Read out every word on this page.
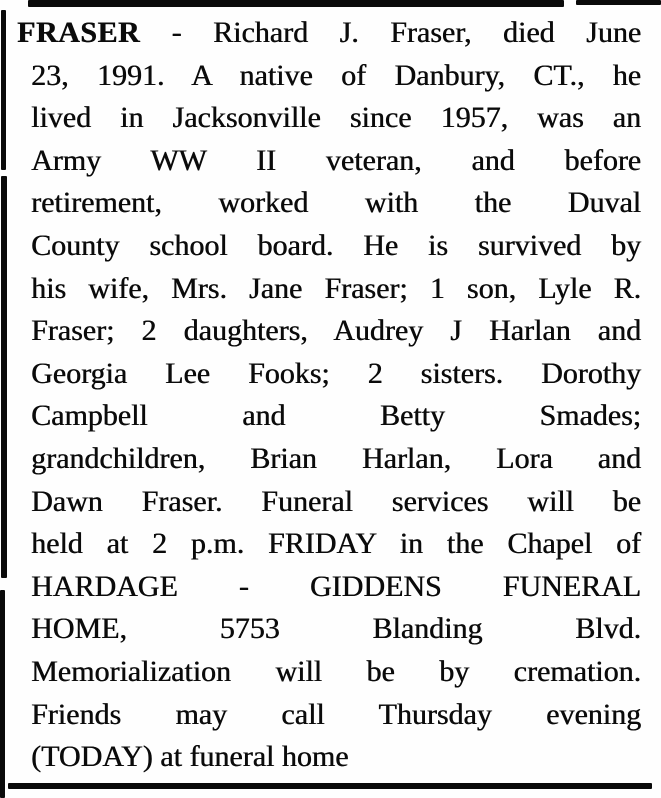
FRASER - Richard J. Fraser, died June
23, 1991. A native of Danbury, CT., he
lived in Jacksonville since 1957, was an
Army WW II veteran, and before
retirement, worked with the Duval
County school board. He is survived by
his wife, Mrs. Jane Fraser; 1 son, Lyle R.
Fraser; 2 daughters, Audrey J Harlan and
Georgia Lee Fooks; 2 sisters. Dorothy
Campbell and Betty Smades;
grandchildren, Brian Harlan, Lora and
Dawn Fraser. Funeral services will be
held at 2 p.m. FRIDAY in the Chapel of
HARDAGE - GIDDENS FUNERAL
HOME, 5753 Blanding Blvd.
Memorialization will be by cremation.
Friends may call Thursday evening
(TODAY) at funeral home
